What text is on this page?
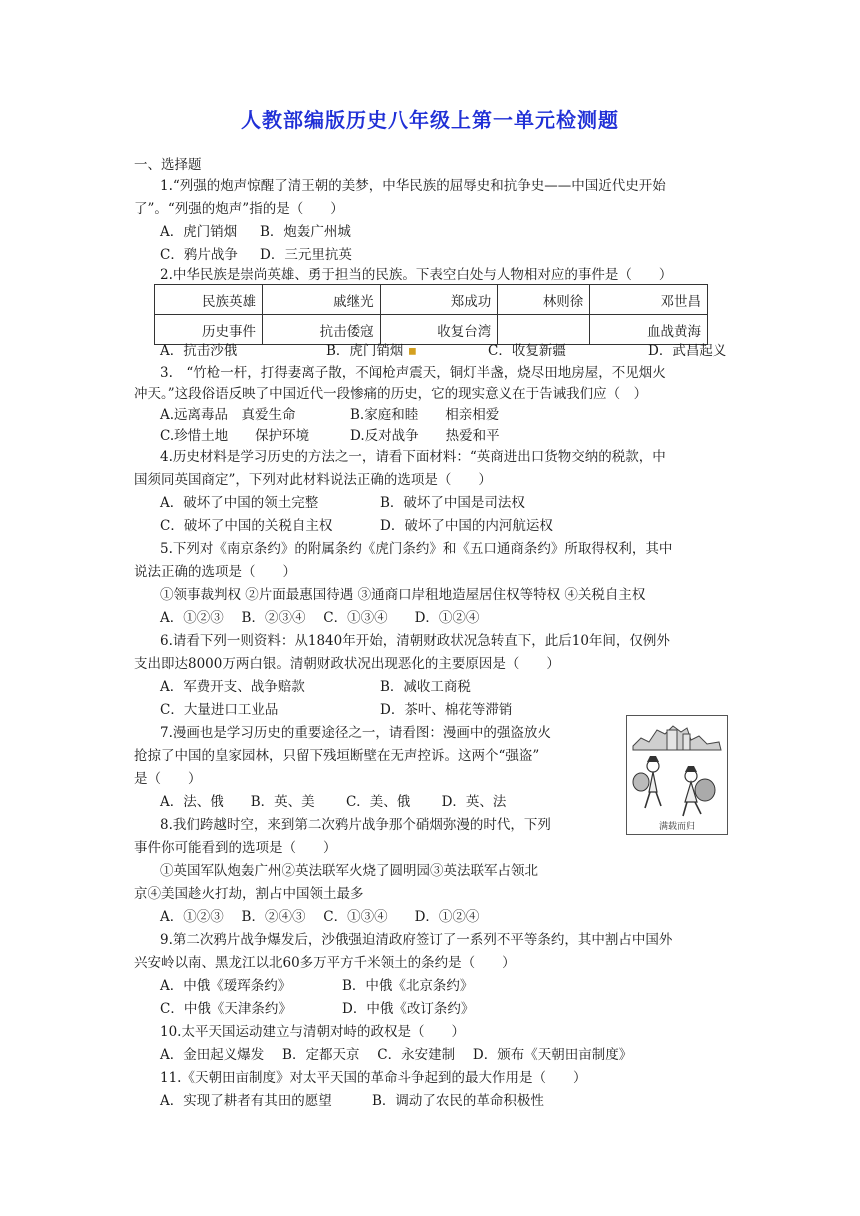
人教部编版历史八年级上第一单元检测题
一、选择题
1.“列强的炮声惊醒了清王朝的美梦，中华民族的屈辱史和抗争史——中国近代史开始
了”。“列强的炮声”指的是（　　）
A．虎门销烟 B．炮轰广州城
C．鸦片战争 D．三元里抗英
2.中华民族是崇尚英雄、勇于担当的民族。下表空白处与人物相对应的事件是（　　）
民族英雄	戚继光	郑成功	林则徐	邓世昌
历史事件	抗击倭寇	收复台湾		血战黄海
A．抗击沙俄	B．虎门销烟 ▪	C．收复新疆	D．武昌起义
3.　“竹枪一杆，打得妻离子散，不闻枪声震天，铜灯半盏，烧尽田地房屋，不见烟火
冲天。”这段俗语反映了中国近代一段惨痛的历史，它的现实意义在于告诫我们应（　）
A.远离毒品　真爱生命	B.家庭和睦　　相亲相爱
C.珍惜土地　　保护环境	D.反对战争　　热爱和平
4.历史材料是学习历史的方法之一，请看下面材料：“英商进出口货物交纳的税款，中
国须同英国商定”，下列对此材料说法正确的选项是（　　）
A．破坏了中国的领土完整	B．破坏了中国是司法权
C．破坏了中国的关税自主权	D．破坏了中国的内河航运权
5.下列对《南京条约》的附属条约《虎门条约》和《五口通商条约》所取得权利，其中
说法正确的选项是（　　）
①领事裁判权 ②片面最惠国待遇 ③通商口岸租地造屋居住权等特权 ④关税自主权
A．①②③　 B．②③④　 C．①③④　　D．①②④
6.请看下列一则资料：从1840年开始，清朝财政状况急转直下，此后10年间，仅例外
支出即达8000万两白银。清朝财政状况出现恶化的主要原因是（　　）
A．军费开支、战争赔款	B．减收工商税
C．大量进口工业品	D．茶叶、棉花等滞销
7.漫画也是学习历史的重要途径之一，请看图：漫画中的强盗放火
抢掠了中国的皇家园林，只留下残垣断壁在无声控诉。这两个“强盗”
是（　　）
A．法、俄　　B．英、美　　 C．美、俄　　 D．英、法
满载而归
8.我们跨越时空，来到第二次鸦片战争那个硝烟弥漫的时代，下列
事件你可能看到的选项是（　　）
①英国军队炮轰广州②英法联军火烧了圆明园③英法联军占领北
京④美国趁火打劫，割占中国领土最多
A．①②③　 B．②④③　 C．①③④　　D．①②④
9.第二次鸦片战争爆发后，沙俄强迫清政府签订了一系列不平等条约，其中割占中国外
兴安岭以南、黑龙江以北60多万平方千米领土的条约是（　　）
A．中俄《瑷珲条约》	B．中俄《北京条约》
C．中俄《天津条约》	D．中俄《改订条约》
10.太平天国运动建立与清朝对峙的政权是（　　）
A．金田起义爆发　 B．定都天京　 C．永安建制　 D．颁布《天朝田亩制度》
11.《天朝田亩制度》对太平天国的革命斗争起到的最大作用是（　　）
A．实现了耕者有其田的愿望	B．调动了农民的革命积极性
